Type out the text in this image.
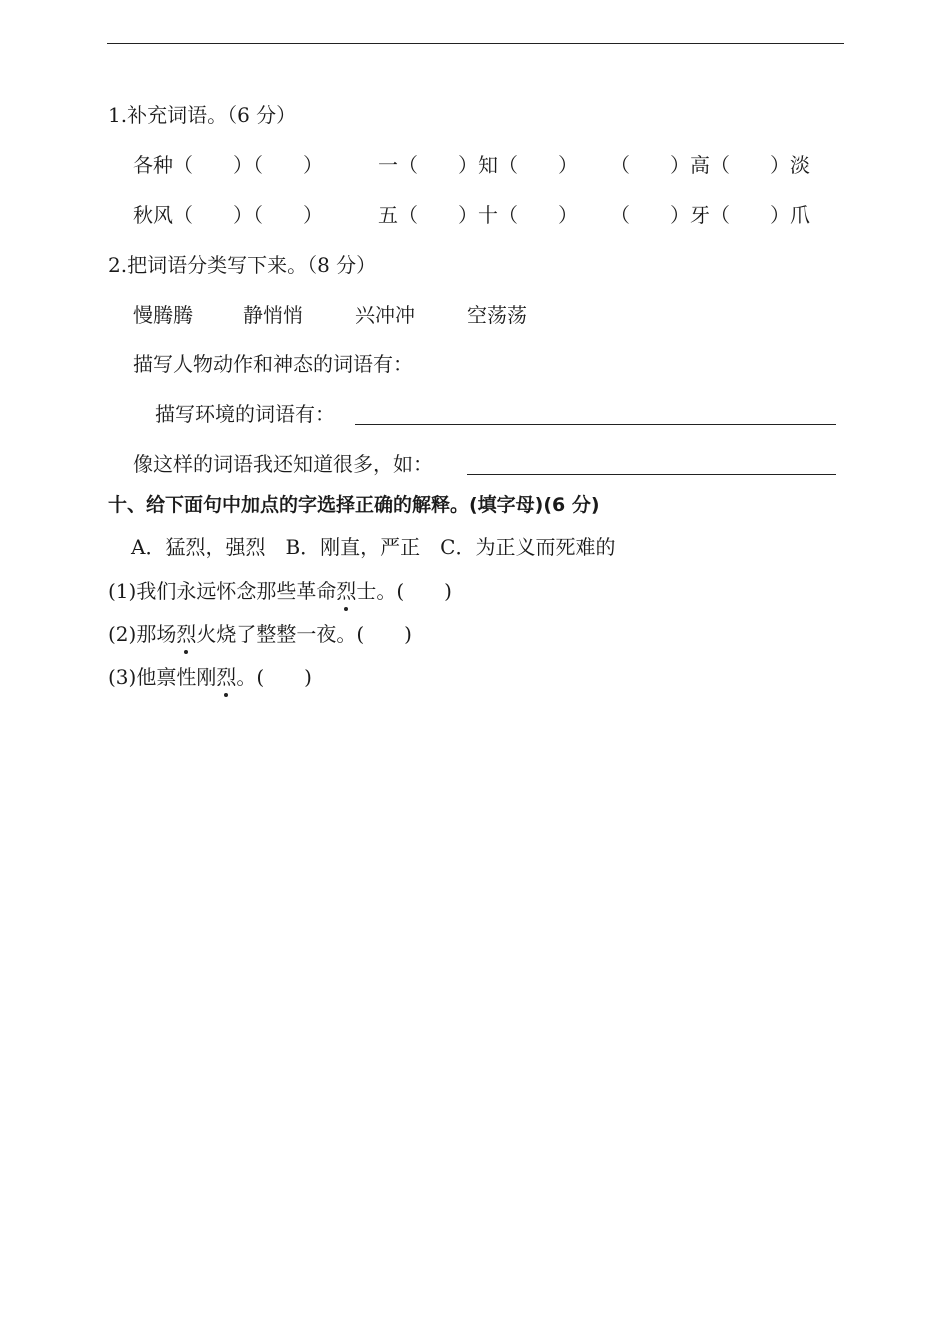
1.补充词语。（6 分）
各种（　　）（　　）	一（　　）知（　　） （　　）高（　　）淡
秋风（　　）（　　）	五（　　）十（　　） （　　）牙（　　）爪
2.把词语分类写下来。（8 分）
慢腾腾	静悄悄	兴冲冲	空荡荡
描写人物动作和神态的词语有：
描写环境的词语有：
像这样的词语我还知道很多，如：
十、给下面句中加点的字选择正确的解释。(填字母)(6 分)
A．猛烈，强烈　B．刚直，严正　C．为正义而死难的
(1)我们永远怀念那些革命烈士。(　　)
(2)那场烈火烧了整整一夜。(　　)
(3)他禀性刚烈。(　　)
